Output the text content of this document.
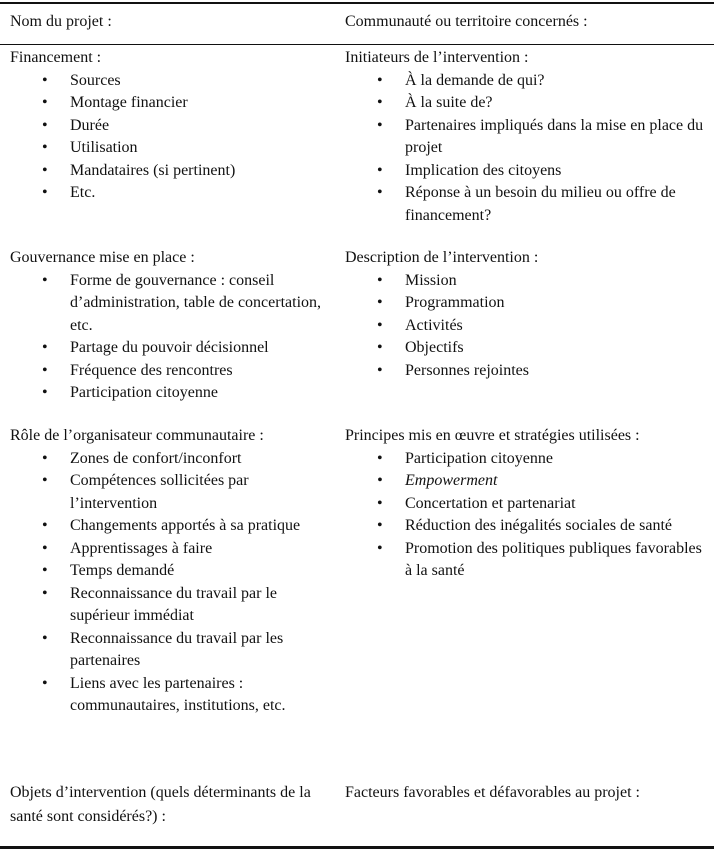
Nom du projet :	Communauté ou territoire concernés :
Financement :
• Sources
• Montage financier
• Durée
• Utilisation
• Mandataires (si pertinent)
• Etc.
Initiateurs de l’intervention :
• À la demande de qui?
• À la suite de?
• Partenaires impliqués dans la mise en place du projet
• Implication des citoyens
• Réponse à un besoin du milieu ou offre de financement?
Gouvernance mise en place :
• Forme de gouvernance : conseil d’administration, table de concertation, etc.
• Partage du pouvoir décisionnel
• Fréquence des rencontres
• Participation citoyenne
Description de l’intervention :
• Mission
• Programmation
• Activités
• Objectifs
• Personnes rejointes
Rôle de l’organisateur communautaire :
• Zones de confort/inconfort
• Compétences sollicitées par l’intervention
• Changements apportés à sa pratique
• Apprentissages à faire
• Temps demandé
• Reconnaissance du travail par le supérieur immédiat
• Reconnaissance du travail par les partenaires
• Liens avec les partenaires : communautaires, institutions, etc.
Principes mis en œuvre et stratégies utilisées :
• Participation citoyenne
• Empowerment
• Concertation et partenariat
• Réduction des inégalités sociales de santé
• Promotion des politiques publiques favorables à la santé
Objets d’intervention (quels déterminants de la santé sont considérés?) :
Facteurs favorables et défavorables au projet :
